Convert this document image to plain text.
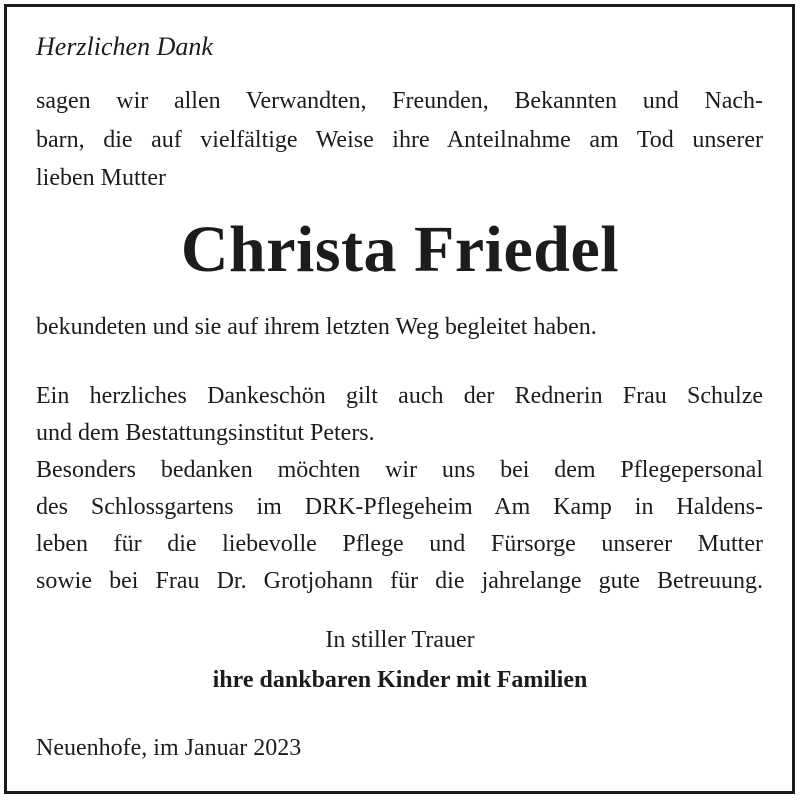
Herzlichen Dank
sagen wir allen Verwandten, Freunden, Bekannten und Nach-
barn, die auf vielfältige Weise ihre Anteilnahme am Tod unserer
lieben Mutter
Christa Friedel
bekundeten und sie auf ihrem letzten Weg begleitet haben.
Ein herzliches Dankeschön gilt auch der Rednerin Frau Schulze
und dem Bestattungsinstitut Peters.
Besonders bedanken möchten wir uns bei dem Pflegepersonal
des Schlossgartens im DRK-Pflegeheim Am Kamp in Haldens-
leben für die liebevolle Pflege und Fürsorge unserer Mutter
sowie bei Frau Dr. Grotjohann für die jahrelange gute Betreuung.
In stiller Trauer
ihre dankbaren Kinder mit Familien
Neuenhofe, im Januar 2023
